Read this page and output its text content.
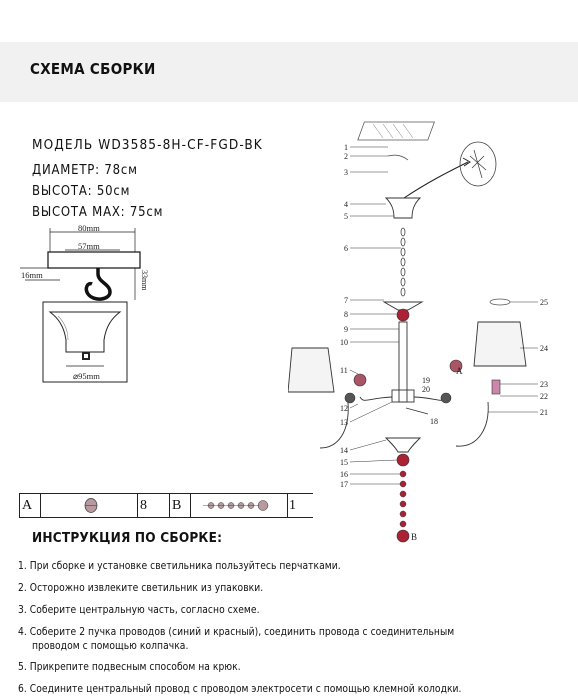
СХЕМА СБОРКИ
МОДЕЛЬ WD3585-8H-CF-FGD-BK
ДИАМЕТР: 78см
ВЫСОТА: 50см
ВЫСОТА MAX: 75см
80mm
57mm
16mm	33mm
⌀95mm
1
2
3
4
5
6
7
8
9
10
11
12
13
14
15
16
17
25
24
23
22
21
19
20
18
A
B
A	8	B	1
ИНСТРУКЦИЯ ПО СБОРКЕ:
1. При сборке и установке светильника пользуйтесь перчатками.
2. Осторожно извлеките светильник из упаковки.
3. Соберите центральную часть, согласно схеме.
4. Соберите 2 пучка проводов (синий и красный), соединить провода с соединительным
проводом с помощью колпачка.
5. Прикрепите подвесным способом на крюк.
6. Соедините центральный провод с проводом электросети с помощью клемной колодки.
